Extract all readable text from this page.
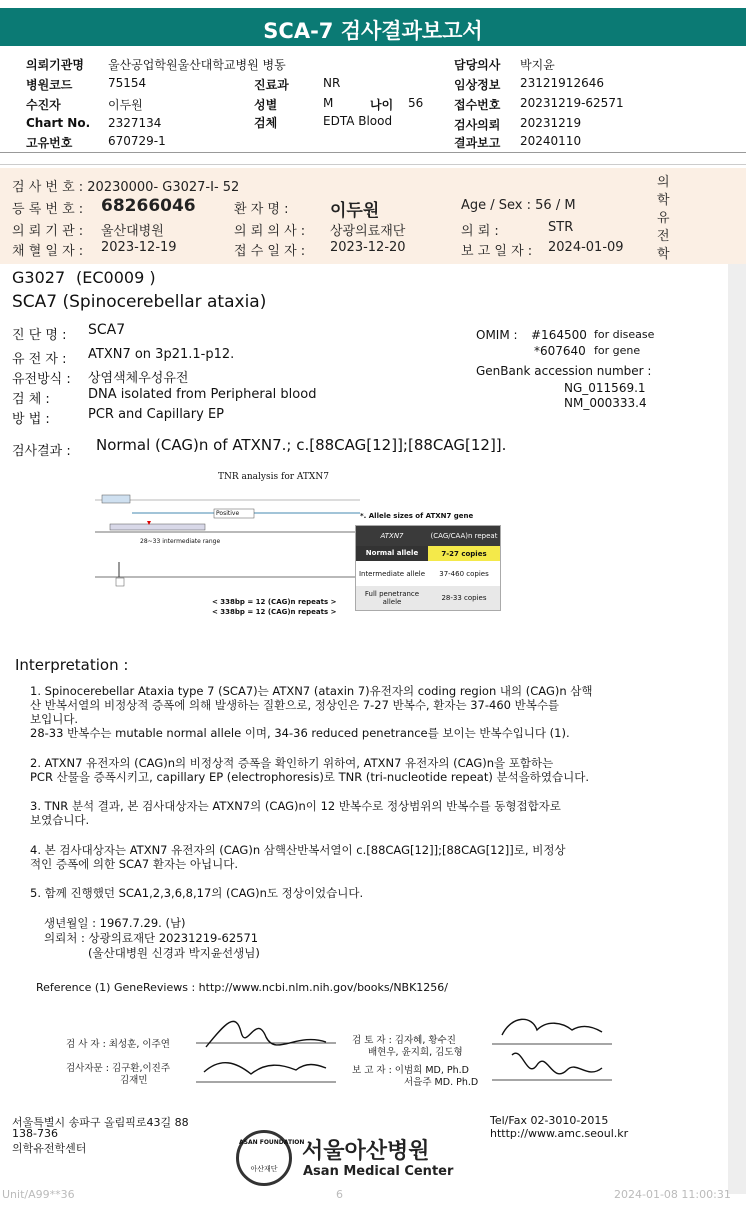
SCA-7 검사결과보고서
의뢰기관명 울산공업학원울산대학교병원 병동
병원코드	75154	진료과	NR
수진자	이두원	성별	M	나이 56
Chart No. 2327134	검체	EDTA Blood
고유번호	670729-1
담당의사 박지윤
임상정보 23121912646
접수번호 20231219-62571
검사의뢰 20231219
결과보고 20240110
검 사 번 호 : 20230000- G3027-I- 52
등 록 번 호 : 68266046	환 자 명 : 이두원	Age / Sex : 56 / M
의 뢰 기 관 : 울산대병원	의 뢰 의 사 : 상광의료재단	의 뢰 :	STR
채 혈 일 자 : 2023-12-19	접 수 일 자 : 2023-12-20	보 고 일 자 : 2024-01-09
의
학
유
전
학
G3027 (EC0009 )
SCA7 (Spinocerebellar ataxia)
진 단 명 : SCA7
유 전 자 : ATXN7 on 3p21.1-p12.
유전방식 : 상염색체우성유전
검 체 :	DNA isolated from Peripheral blood
방 법 :	PCR and Capillary EP
OMIM : #164500 for disease
*607640 for gene
GenBank accession number :
NG_011569.1
NM_000333.4
검사결과 : Normal (CAG)n of ATXN7.; c.[88CAG[12]];[88CAG[12]].
TNR analysis for ATXN7
Positive
28~33 intermediate range
< 338bp = 12 (CAG)n repeats >
< 338bp = 12 (CAG)n repeats >
*. Allele sizes of ATXN7 gene
ATXN7	(CAG/CAA)n repeat
Normal allele	7-27 copies
Intermediate allele	37-460 copies
Full penetrance allele	28-33 copies
Interpretation :
1. Spinocerebellar Ataxia type 7 (SCA7)는 ATXN7 (ataxin 7)유전자의 coding region 내의 (CAG)n 삼핵
산 반복서열의 비정상적 증폭에 의해 발생하는 질환으로, 정상인은 7-27 반복수, 환자는 37-460 반복수를
보입니다.
28-33 반복수는 mutable normal allele 이며, 34-36 reduced penetrance를 보이는 반복수입니다 (1).
2. ATXN7 유전자의 (CAG)n의 비정상적 증폭을 확인하기 위하여, ATXN7 유전자의 (CAG)n을 포함하는
PCR 산물을 증폭시키고, capillary EP (electrophoresis)로 TNR (tri-nucleotide repeat) 분석을하였습니다.
3. TNR 분석 결과, 본 검사대상자는 ATXN7의 (CAG)n이 12 반복수로 정상범위의 반복수를 동형접합자로
보였습니다.
4. 본 검사대상자는 ATXN7 유전자의 (CAG)n 삼핵산반복서열이 c.[88CAG[12]];[88CAG[12]]로, 비정상
적인 증폭에 의한 SCA7 환자는 아닙니다.
5. 함께 진행했던 SCA1,2,3,6,8,17의 (CAG)n도 정상이었습니다.
생년월일 : 1967.7.29. (남)
의뢰처 : 상광의료재단 20231219-62571
(울산대병원 신경과 박지윤선생님)
Reference (1) GeneReviews : http://www.ncbi.nlm.nih.gov/books/NBK1256/
검 사 자 : 최성훈, 이주연
검사자문 : 김구환,이진주
김재민
검 토 자 : 김자혜, 황수진
배현우, 윤지희, 김도형
보 고 자 : 이범희 MD, Ph.D
서을주 MD. Ph.D
서울특별시 송파구 올림픽로43길 88
138-736
의학유전학센터
Tel/Fax 02-3010-2015
htttp://www.amc.seoul.kr
ASAN FOUNDATION
아산재단
서울아산병원
Asan Medical Center
Unit/A99**36	6	2024-01-08 11:00:31
